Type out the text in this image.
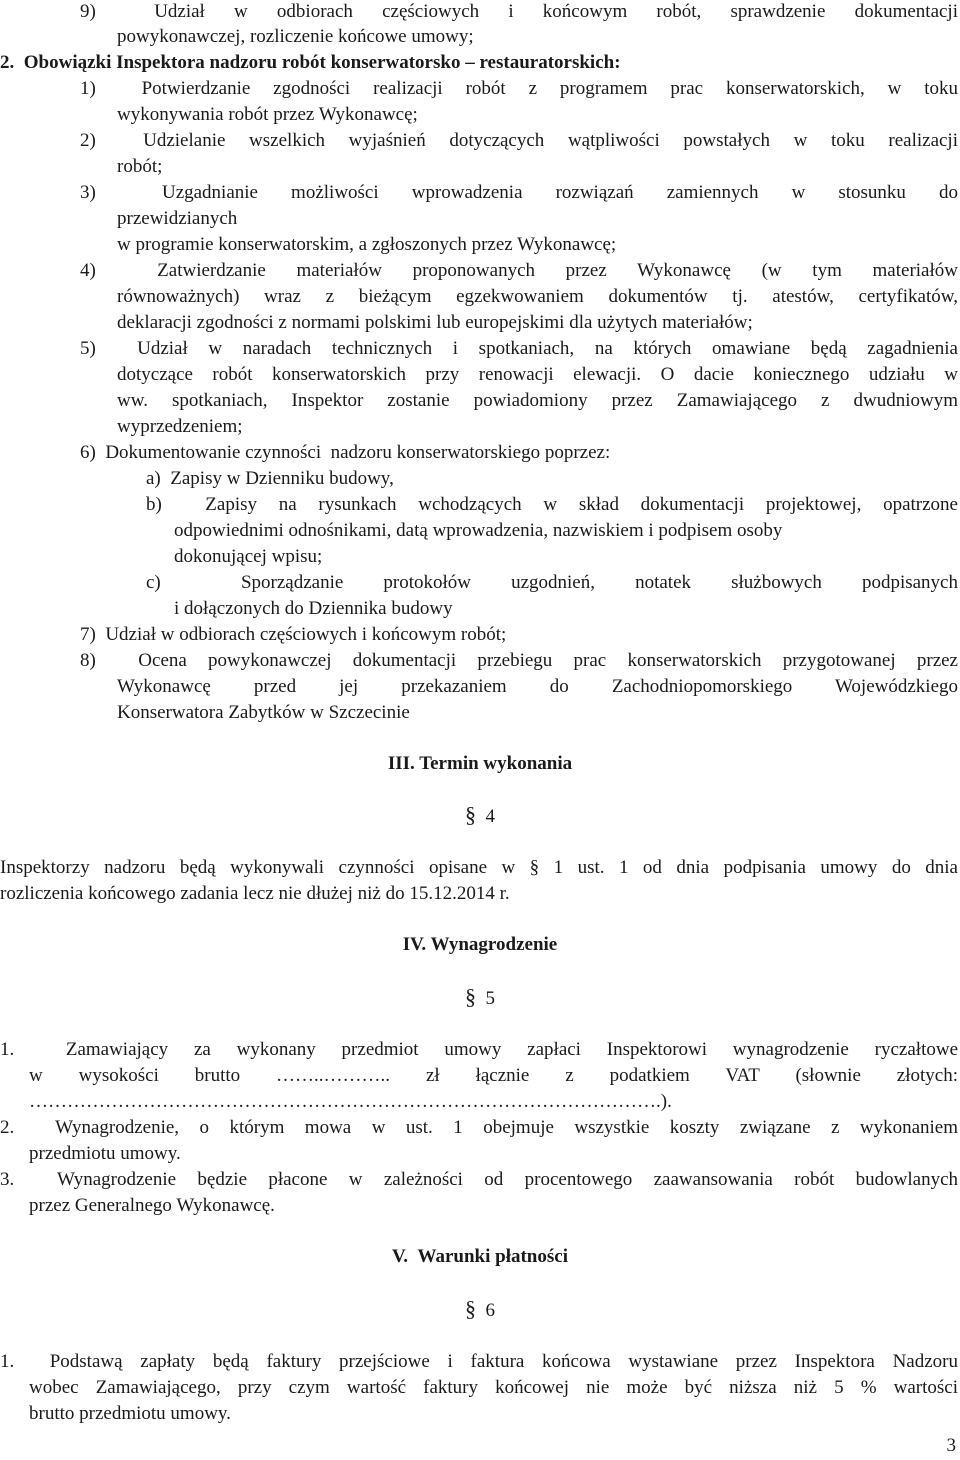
9)  Udział w odbiorach częściowych i końcowym robót, sprawdzenie dokumentacji
powykonawczej, rozliczenie końcowe umowy;
2.  Obowiązki Inspektora nadzoru robót konserwatorsko – restauratorskich:
1)  Potwierdzanie zgodności realizacji robót z programem prac konserwatorskich, w toku
wykonywania robót przez Wykonawcę;
2)  Udzielanie wszelkich wyjaśnień dotyczących wątpliwości powstałych w toku realizacji
robót;
3)  Uzgadnianie możliwości wprowadzenia rozwiązań zamiennych w stosunku do
przewidzianych
w programie konserwatorskim, a zgłoszonych przez Wykonawcę;
4)  Zatwierdzanie materiałów proponowanych przez Wykonawcę (w tym materiałów
równoważnych) wraz z bieżącym egzekwowaniem dokumentów tj. atestów, certyfikatów,
deklaracji zgodności z normami polskimi lub europejskimi dla użytych materiałów;
5)  Udział w naradach technicznych i spotkaniach, na których omawiane będą zagadnienia
dotyczące robót konserwatorskich przy renowacji elewacji. O dacie koniecznego udziału w
ww. spotkaniach, Inspektor zostanie powiadomiony przez Zamawiającego z dwudniowym
wyprzedzeniem;
6)  Dokumentowanie czynności  nadzoru konserwatorskiego poprzez:
a)  Zapisy w Dzienniku budowy,
b)  Zapisy na rysunkach wchodzących w skład dokumentacji projektowej, opatrzone
odpowiednimi odnośnikami, datą wprowadzenia, nazwiskiem i podpisem osoby
dokonującej wpisu;
c)  Sporządzanie protokołów uzgodnień, notatek służbowych podpisanych
i dołączonych do Dziennika budowy
7)  Udział w odbiorach częściowych i końcowym robót;
8)  Ocena powykonawczej dokumentacji przebiegu prac konserwatorskich przygotowanej przez
Wykonawcę przed jej przekazaniem do Zachodniopomorskiego Wojewódzkiego
Konserwatora Zabytków w Szczecinie
III. Termin wykonania
§ 4
Inspektorzy nadzoru będą wykonywali czynności opisane w § 1 ust. 1 od dnia podpisania umowy do dnia
rozliczenia końcowego zadania lecz nie dłużej niż do 15.12.2014 r.
IV. Wynagrodzenie
§ 5
1.  Zamawiający za wykonany przedmiot umowy zapłaci Inspektorowi wynagrodzenie ryczałtowe
w wysokości brutto ……..……….. zł łącznie z podatkiem VAT (słownie złotych:
……………………………………………………………………………………….).
2.  Wynagrodzenie, o którym mowa w ust. 1 obejmuje wszystkie koszty związane z wykonaniem
przedmiotu umowy.
3.  Wynagrodzenie będzie płacone w zależności od procentowego zaawansowania robót budowlanych
przez Generalnego Wykonawcę.
V.  Warunki płatności
§ 6
1.  Podstawą zapłaty będą faktury przejściowe i faktura końcowa wystawiane przez Inspektora Nadzoru
wobec Zamawiającego, przy czym wartość faktury końcowej nie może być niższa niż 5 % wartości
brutto przedmiotu umowy.
3
